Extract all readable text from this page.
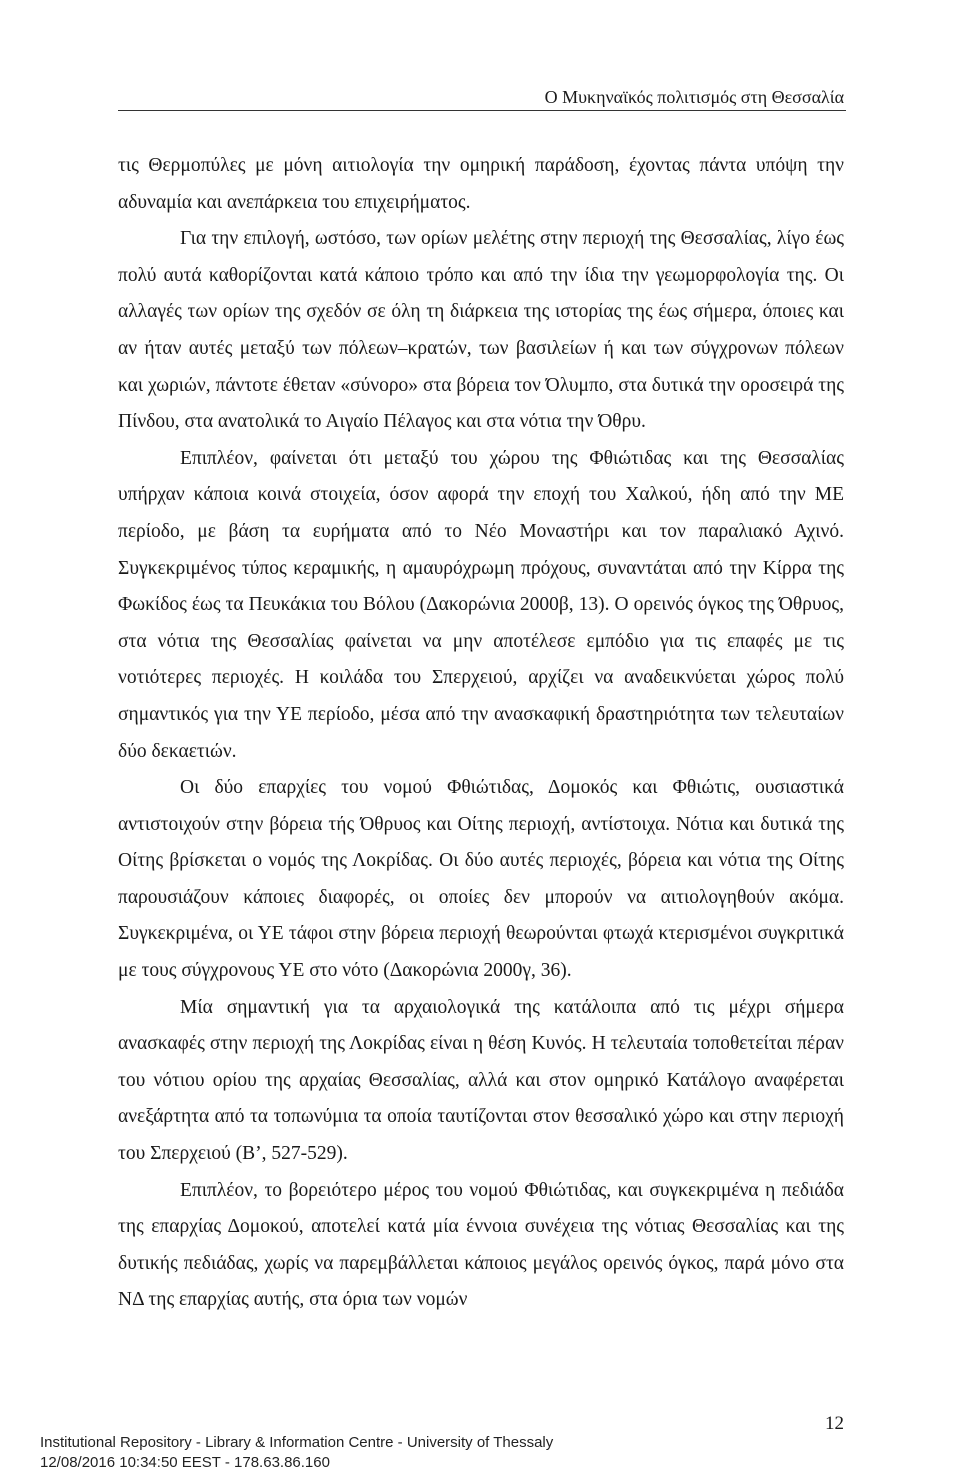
Ο Μυκηναϊκός πολιτισμός στη Θεσσαλία

τις Θερμοπύλες με μόνη αιτιολογία την ομηρική παράδοση, έχοντας πάντα υπόψη την αδυναμία και ανεπάρκεια του επιχειρήματος.

Για την επιλογή, ωστόσο, των ορίων μελέτης στην περιοχή της Θεσσαλίας, λίγο έως πολύ αυτά καθορίζονται κατά κάποιο τρόπο και από την ίδια την γεωμορφολογία της. Οι αλλαγές των ορίων της σχεδόν σε όλη τη διάρκεια της ιστορίας της έως σήμερα, όποιες και αν ήταν αυτές μεταξύ των πόλεων–κρατών, των βασιλείων ή και των σύγχρονων πόλεων και χωριών, πάντοτε έθεταν «σύνορο» στα βόρεια τον Όλυμπο, στα δυτικά την οροσειρά της Πίνδου, στα ανατολικά το Αιγαίο Πέλαγος και στα νότια την Όθρυ.

Επιπλέον, φαίνεται ότι μεταξύ του χώρου της Φθιώτιδας και της Θεσσαλίας υπήρχαν κάποια κοινά στοιχεία, όσον αφορά την εποχή του Χαλκού, ήδη από την ΜΕ περίοδο, με βάση τα ευρήματα από το Νέο Μοναστήρι και τον παραλιακό Αχινό. Συγκεκριμένος τύπος κεραμικής, η αμαυρόχρωμη πρόχους, συναντάται από την Κίρρα της Φωκίδος έως τα Πευκάκια του Βόλου (Δακορώνια 2000β, 13). Ο ορεινός όγκος της Όθρυος, στα νότια της Θεσσαλίας φαίνεται να μην αποτέλεσε εμπόδιο για τις επαφές με τις νοτιότερες περιοχές. Η κοιλάδα του Σπερχειού, αρχίζει να αναδεικνύεται χώρος πολύ σημαντικός για την ΥΕ περίοδο, μέσα από την ανασκαφική δραστηριότητα των τελευταίων δύο δεκαετιών.

Οι δύο επαρχίες του νομού Φθιώτιδας, Δομοκός και Φθιώτις, ουσιαστικά αντιστοιχούν στην βόρεια τής Όθρυος και Οίτης περιοχή, αντίστοιχα. Νότια και δυτικά της Οίτης βρίσκεται ο νομός της Λοκρίδας. Οι δύο αυτές περιοχές, βόρεια και νότια της Οίτης παρουσιάζουν κάποιες διαφορές, οι οποίες δεν μπορούν να αιτιολογηθούν ακόμα. Συγκεκριμένα, οι ΥΕ τάφοι στην βόρεια περιοχή θεωρούνται φτωχά κτερισμένοι συγκριτικά με τους σύγχρονους ΥΕ στο νότο (Δακορώνια 2000γ, 36).

Μία σημαντική για τα αρχαιολογικά της κατάλοιπα από τις μέχρι σήμερα ανασκαφές στην περιοχή της Λοκρίδας είναι η θέση Κυνός. Η τελευταία τοποθετείται πέραν του νότιου ορίου της αρχαίας Θεσσαλίας, αλλά και στον ομηρικό Κατάλογο αναφέρεται ανεξάρτητα από τα τοπωνύμια τα οποία ταυτίζονται στον θεσσαλικό χώρο και στην περιοχή του Σπερχειού (Β’, 527-529).

Επιπλέον, το βορειότερο μέρος του νομού Φθιώτιδας, και συγκεκριμένα η πεδιάδα της επαρχίας Δομοκού, αποτελεί κατά μία έννοια συνέχεια της νότιας Θεσσαλίας και της δυτικής πεδιάδας, χωρίς να παρεμβάλλεται κάποιος μεγάλος ορεινός όγκος, παρά μόνο στα ΝΔ της επαρχίας αυτής, στα όρια των νομών

12
Institutional Repository - Library & Information Centre - University of Thessaly
12/08/2016 10:34:50 EEST - 178.63.86.160
